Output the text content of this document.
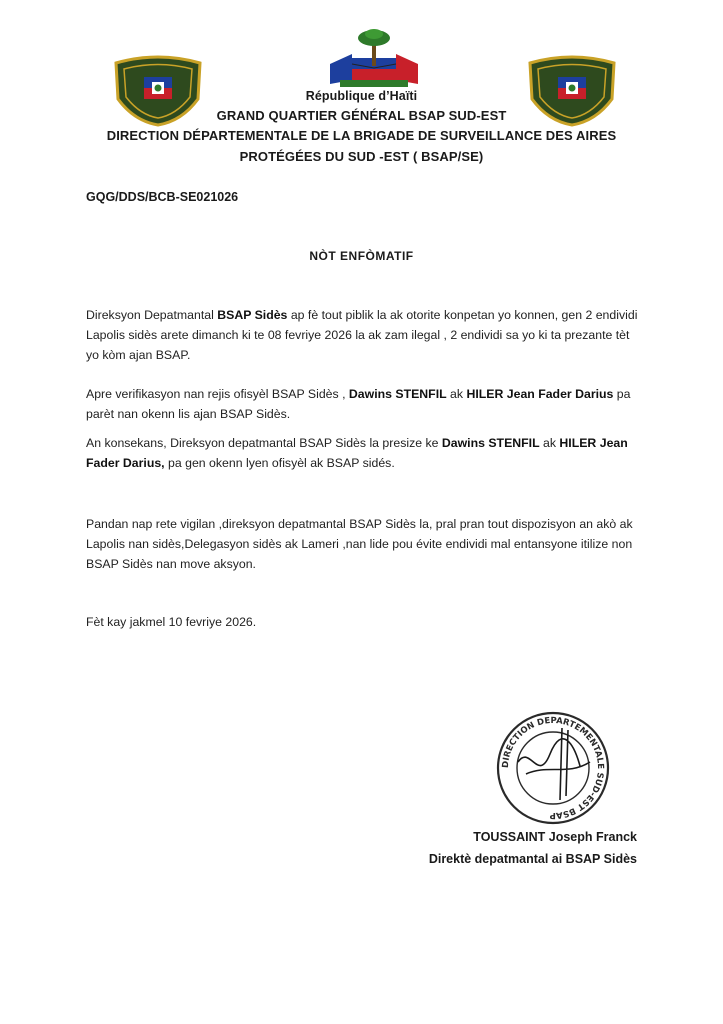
République d’Haïti
GRAND QUARTIER GÉNÉRAL BSAP SUD-EST
DIRECTION DÉPARTEMENTALE DE LA BRIGADE DE SURVEILLANCE DES AIRES
PROTÉGÉES DU SUD -EST ( BSAP/SE)
GQG/DDS/BCB-SE021026
NÒT ENFÒMATIF
Direksyon Depatmantal BSAP Sidès ap fè tout piblik la ak otorite konpetan yo konnen, gen 2 endividi Lapolis sidès arete dimanch ki te 08 fevriye 2026 la ak zam ilegal , 2 endividi sa yo ki ta prezante tèt yo kòm ajan BSAP.
Apre verifikasyon nan rejis ofisyèl BSAP Sidès , Dawins STENFIL ak HILER Jean Fader Darius pa parèt nan okenn lis ajan BSAP Sidès.
An konsekans, Direksyon depatmantal BSAP Sidès la presize ke Dawins STENFIL ak HILER Jean Fader Darius, pa gen okenn lyen ofisyèl ak BSAP sidés.
Pandan nap rete vigilan ,direksyon depatmantal BSAP Sidès la, pral pran tout dispozisyon an akò ak Lapolis nan sidès,Delegasyon sidès ak Lameri ,nan lide pou évite endividi mal entansyone itilize non BSAP Sidès nan move aksyon.
Fèt kay jakmel 10 fevriye 2026.
DIRECTION DEPARTEMENTALE SUD-EST BSAP
TOUSSAINT Joseph Franck
Direktè depatmantal ai BSAP Sidès
